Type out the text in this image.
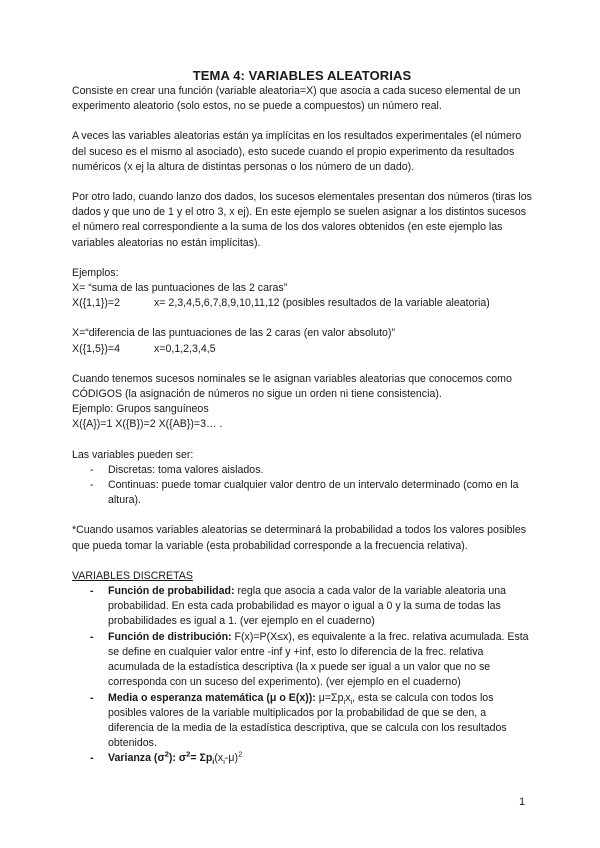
TEMA 4: VARIABLES ALEATORIAS

Consiste en crear una función (variable aleatoria=X) que asocia a cada suceso elemental de un experimento aleatorio (solo estos, no se puede a compuestos) un número real.

A veces las variables aleatorias están ya implícitas en los resultados experimentales (el número del suceso es el mismo al asociado), esto sucede cuando el propio experimento da resultados numéricos (x ej la altura de distintas personas o los número de un dado).

Por otro lado, cuando lanzo dos dados, los sucesos elementales presentan dos números (tiras los dados y que uno de 1 y el otro 3, x ej). En este ejemplo se suelen asignar a los distintos sucesos el número real correspondiente a la suma de los dos valores obtenidos (en este ejemplo las variables aleatorias no están implícitas).

Ejemplos:

X= “suma de las puntuaciones de las 2 caras”

X({1,1})=2	x= 2,3,4,5,6,7,8,9,10,11,12 (posibles resultados de la variable aleatoria)

X=“diferencia de las puntuaciones de las 2 caras (en valor absoluto)”

X({1,5})=4	x=0,1,2,3,4,5

Cuando tenemos sucesos nominales se le asignan variables aleatorias que conocemos como CÓDIGOS (la asignación de números no sigue un orden ni tiene consistencia).

Ejemplo: Grupos sanguíneos

X({A})=1 X({B})=2 X({AB})=3… .

Las variables pueden ser:

- Discretas: toma valores aislados.
- Continuas: puede tomar cualquier valor dentro de un intervalo determinado (como en la altura).

*Cuando usamos variables aleatorias se determinará la probabilidad a todos los valores posibles que pueda tomar la variable (esta probabilidad corresponde a la frecuencia relativa).

VARIABLES DISCRETAS

- Función de probabilidad: regla que asocia a cada valor de la variable aleatoria una probabilidad. En esta cada probabilidad es mayor o igual a 0 y la suma de todas las probabilidades es igual a 1. (ver ejemplo en el cuaderno)
- Función de distribución: F(x)=P(X≤x), es equivalente a la frec. relativa acumulada. Esta se define en cualquier valor entre -inf y +inf, esto lo diferencia de la frec. relativa acumulada de la estadística descriptiva (la x puede ser igual a un valor que no se corresponda con un suceso del experimento). (ver ejemplo en el cuaderno)
- Media o esperanza matemática (μ o E(x)): $\mu=\Sigma p_ix_i$, esta se calcula con todos los posibles valores de la variable multiplicados por la probabilidad de que se den, a diferencia de la media de la estadística descriptiva, que se calcula con los resultados obtenidos.
- Varianza $(\sigma^2)$: $\sigma^2= \Sigma p_i(x_i-\mu)^2$
1
